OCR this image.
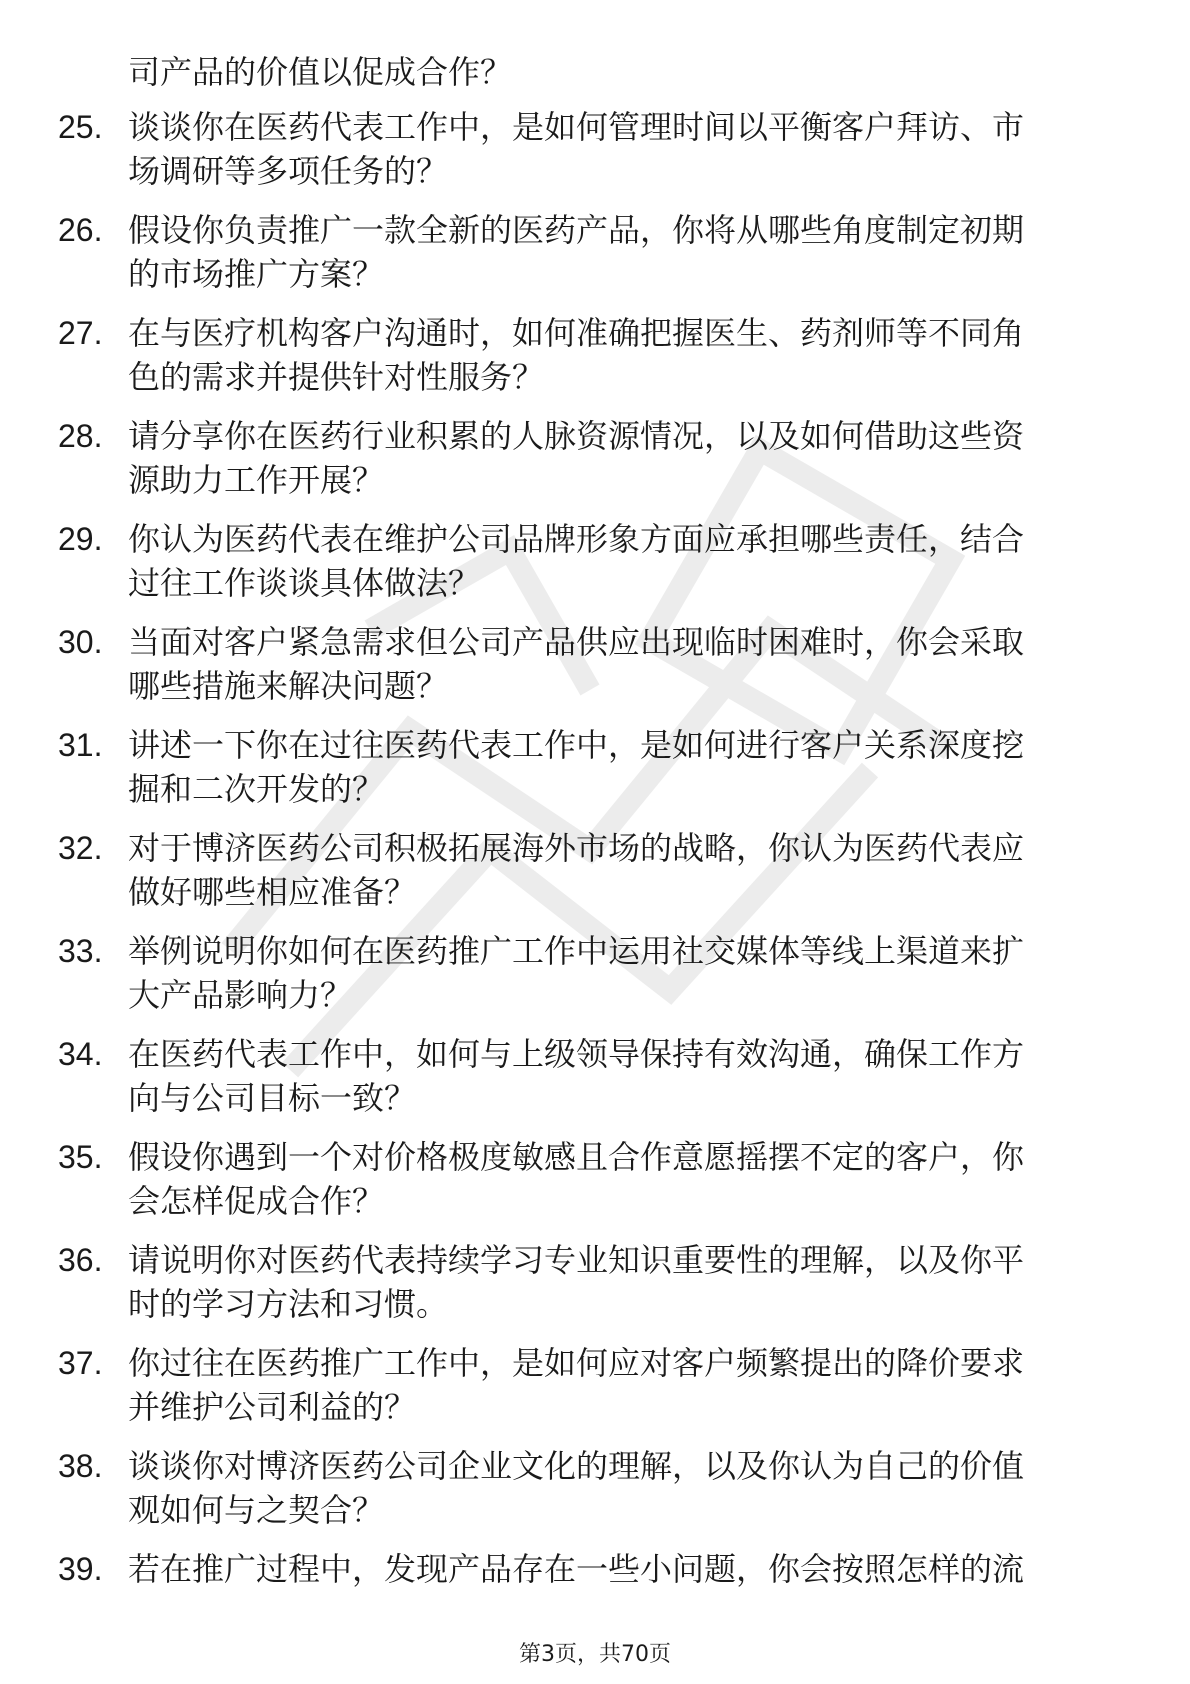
司产品的价值以促成合作？
25. 谈谈你在医药代表工作中，是如何管理时间以平衡客户拜访、市
场调研等多项任务的？
26. 假设你负责推广一款全新的医药产品，你将从哪些角度制定初期
的市场推广方案？
27. 在与医疗机构客户沟通时，如何准确把握医生、药剂师等不同角
色的需求并提供针对性服务？
28. 请分享你在医药行业积累的人脉资源情况，以及如何借助这些资
源助力工作开展？
29. 你认为医药代表在维护公司品牌形象方面应承担哪些责任，结合
过往工作谈谈具体做法？
30. 当面对客户紧急需求但公司产品供应出现临时困难时，你会采取
哪些措施来解决问题？
31. 讲述一下你在过往医药代表工作中，是如何进行客户关系深度挖
掘和二次开发的？
32. 对于博济医药公司积极拓展海外市场的战略，你认为医药代表应
做好哪些相应准备？
33. 举例说明你如何在医药推广工作中运用社交媒体等线上渠道来扩
大产品影响力？
34. 在医药代表工作中，如何与上级领导保持有效沟通，确保工作方
向与公司目标一致？
35. 假设你遇到一个对价格极度敏感且合作意愿摇摆不定的客户，你
会怎样促成合作？
36. 请说明你对医药代表持续学习专业知识重要性的理解，以及你平
时的学习方法和习惯。
37. 你过往在医药推广工作中，是如何应对客户频繁提出的降价要求
并维护公司利益的？
38. 谈谈你对博济医药公司企业文化的理解，以及你认为自己的价值
观如何与之契合？
39. 若在推广过程中，发现产品存在一些小问题，你会按照怎样的流
第3页，共70页
